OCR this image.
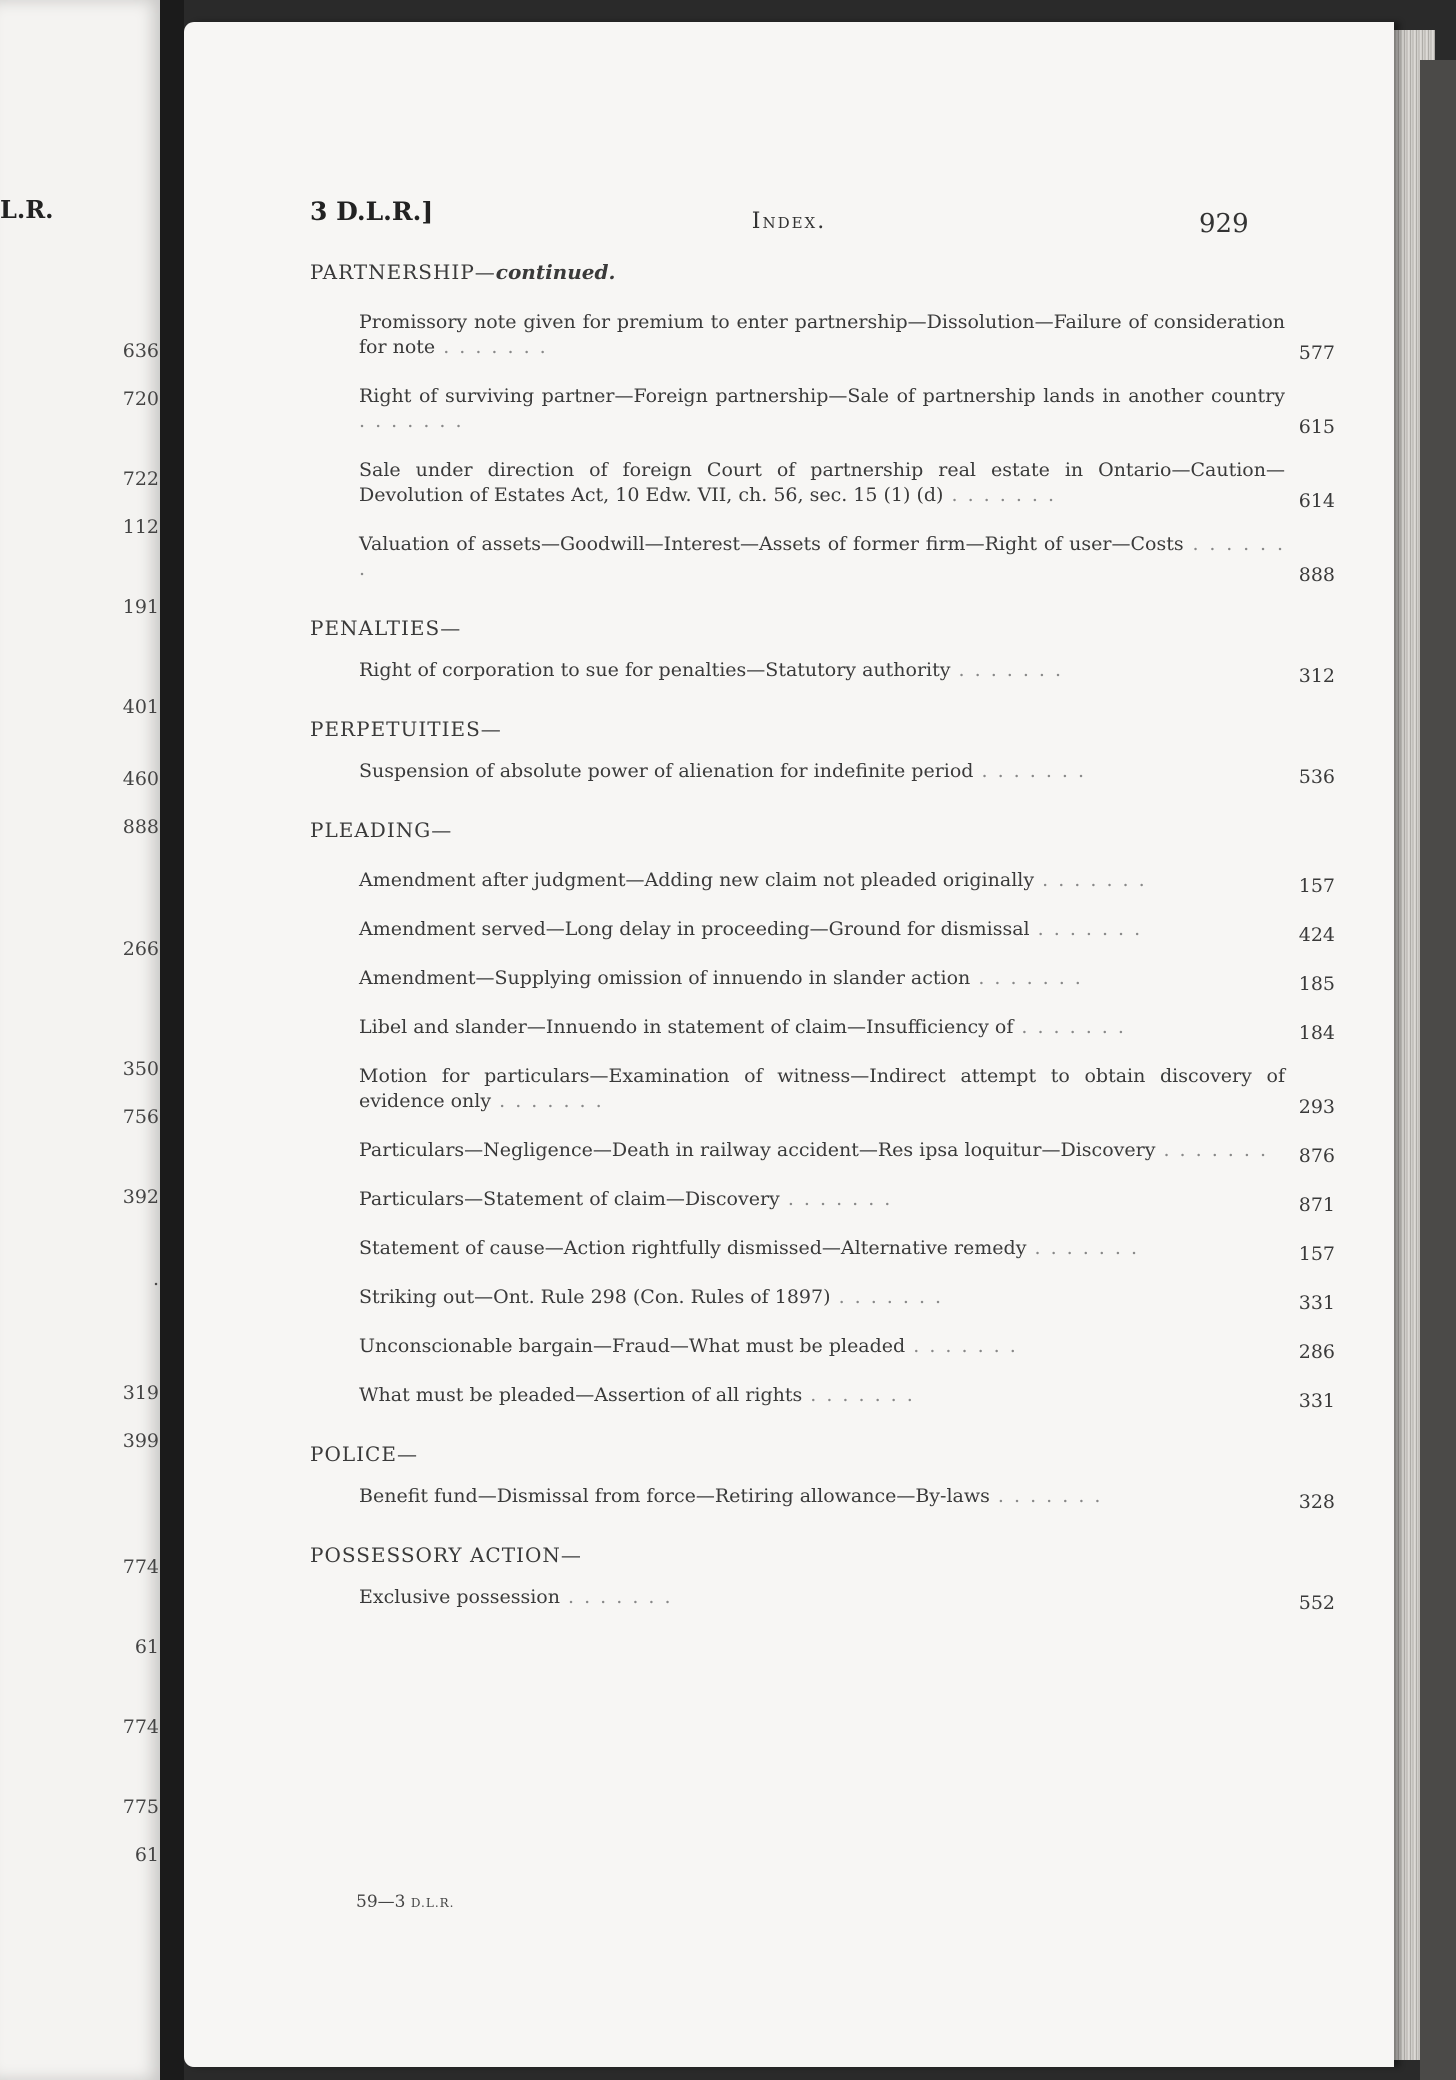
L.R.
636
720
722
112
191
401
460
888
266
350
756
392
.
319
399
774
61
774
775
61
3 D.L.R.]	Index.	929
PARTNERSHIP—continued.
Promissory note given for premium to enter partnership—Dissolution—Failure of consideration for note . . . . . . .	577
Right of surviving partner—Foreign partnership—Sale of partnership lands in another country . . . . . . .	615
Sale under direction of foreign Court of partnership real estate in Ontario—Caution—Devolution of Estates Act, 10 Edw. VII, ch. 56, sec. 15 (1) (d) . . . . . . .	614
Valuation of assets—Goodwill—Interest—Assets of former firm—Right of user—Costs . . . . . . .	888
PENALTIES—
Right of corporation to sue for penalties—Statutory authority . . . . . . .	312
PERPETUITIES—
Suspension of absolute power of alienation for indefinite period . . . . . . .	536
PLEADING—
Amendment after judgment—Adding new claim not pleaded originally . . . . . . .	157
Amendment served—Long delay in proceeding—Ground for dismissal . . . . . . .	424
Amendment—Supplying omission of innuendo in slander action . . . . . . .	185
Libel and slander—Innuendo in statement of claim—Insufficiency of . . . . . . .	184
Motion for particulars—Examination of witness—Indirect attempt to obtain discovery of evidence only . . . . . . .	293
Particulars—Negligence—Death in railway accident—Res ipsa loquitur—Discovery . . . . . . .	876
Particulars—Statement of claim—Discovery . . . . . . .	871
Statement of cause—Action rightfully dismissed—Alternative remedy . . . . . . .	157
Striking out—Ont. Rule 298 (Con. Rules of 1897) . . . . . . .	331
Unconscionable bargain—Fraud—What must be pleaded . . . . . . .	286
What must be pleaded—Assertion of all rights . . . . . . .	331
POLICE—
Benefit fund—Dismissal from force—Retiring allowance—By-laws . . . . . . .	328
POSSESSORY ACTION—
Exclusive possession . . . . . . .	552
59—3 D.L.R.
